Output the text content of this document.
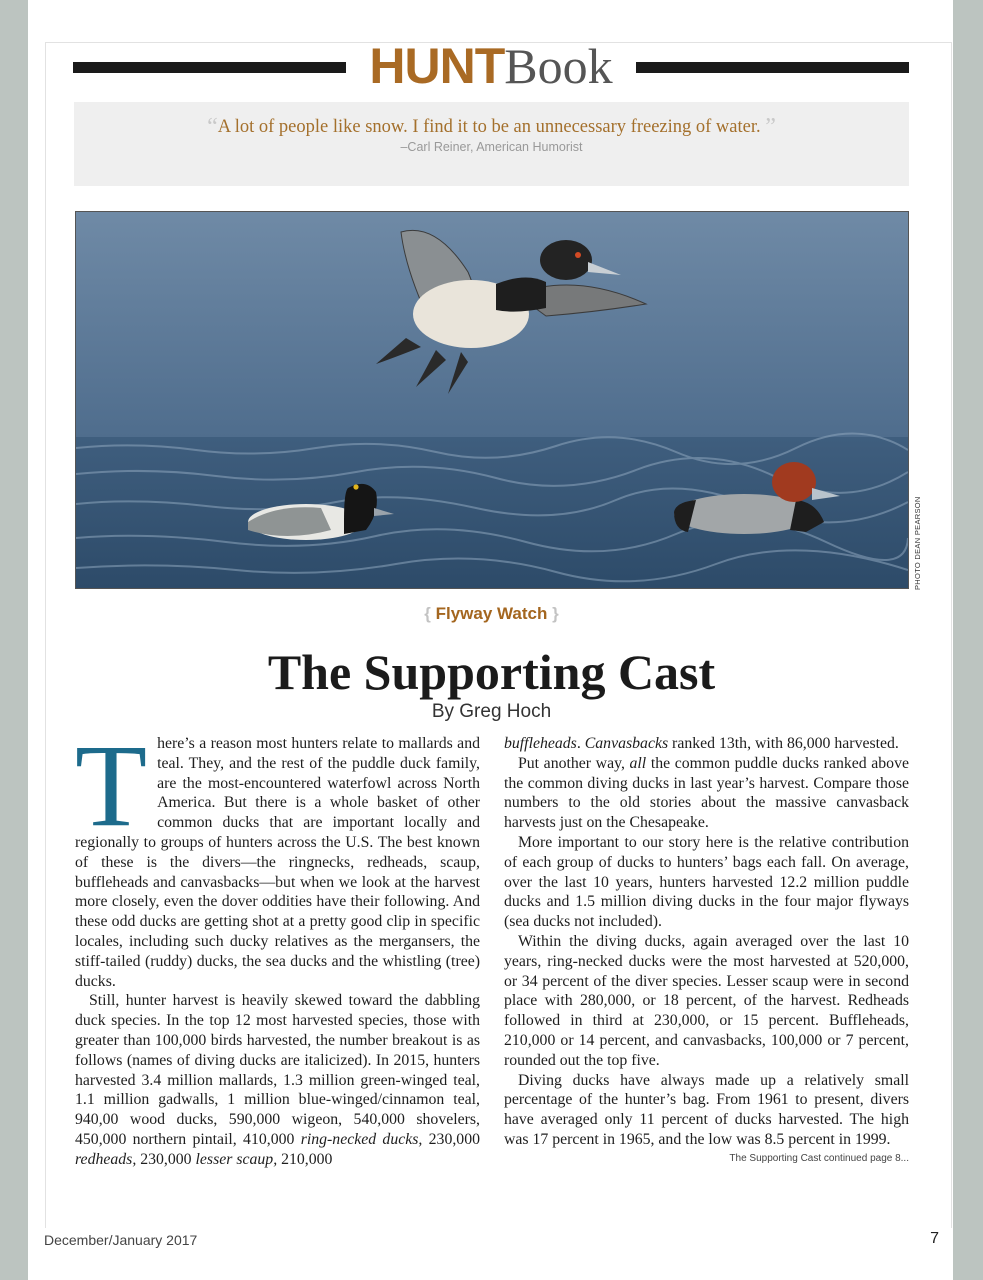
HUNTBook
“A lot of people like snow. I find it to be an unnecessary freezing of water. ”
–Carl Reiner, American Humorist
PHOTO DEAN PEARSON
{ Flyway Watch }
The Supporting Cast
By Greg Hoch

There’s a reason most hunters relate to mallards and teal. They, and the rest of the puddle duck family, are the most-encountered waterfowl across North America. But there is a whole basket of other common ducks that are important locally and regionally to groups of hunters across the U.S. The best known of these is the divers—the ringnecks, redheads, scaup, buffleheads and canvasbacks—but when we look at the harvest more closely, even the dover oddities have their following. And these odd ducks are getting shot at a pretty good clip in specific locales, including such ducky relatives as the mergansers, the stiff-tailed (ruddy) ducks, the sea ducks and the whistling (tree) ducks.

Still, hunter harvest is heavily skewed toward the dabbling duck species. In the top 12 most harvested species, those with greater than 100,000 birds harvested, the number breakout is as follows (names of diving ducks are italicized). In 2015, hunters harvested 3.4 million mallards, 1.3 million green-winged teal, 1.1 million gadwalls, 1 million blue-winged/cinnamon teal, 940,00 wood ducks, 590,000 wigeon, 540,000 shovelers, 450,000 northern pintail, 410,000 ring-necked ducks, 230,000 redheads, 230,000 lesser scaup, 210,000

buffleheads. Canvasbacks ranked 13th, with 86,000 harvested.

Put another way, all the common puddle ducks ranked above the common diving ducks in last year’s harvest. Compare those numbers to the old stories about the massive canvasback harvests just on the Chesapeake.

More important to our story here is the relative contribution of each group of ducks to hunters’ bags each fall. On average, over the last 10 years, hunters harvested 12.2 million puddle ducks and 1.5 million diving ducks in the four major flyways (sea ducks not included).

Within the diving ducks, again averaged over the last 10 years, ring-necked ducks were the most harvested at 520,000, or 34 percent of the diver species. Lesser scaup were in second place with 280,000, or 18 percent, of the harvest. Redheads followed in third at 230,000, or 15 percent. Buffleheads, 210,000 or 14 percent, and canvasbacks, 100,000 or 7 percent, rounded out the top five.

Diving ducks have always made up a relatively small percentage of the hunter’s bag. From 1961 to present, divers have averaged only 11 percent of ducks harvested. The high was 17 percent in 1965, and the low was 8.5 percent in 1999.

The Supporting Cast continued page 8...
December/January 2017	7
